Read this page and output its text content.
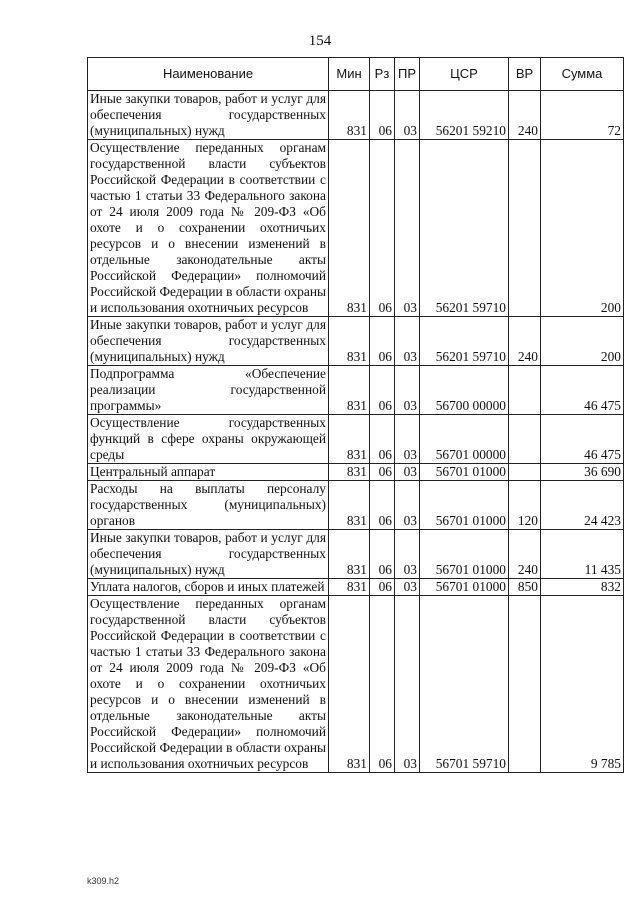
154
Наименование	Мин	Рз	ПР	ЦСР	ВР	Сумма
Иные закупки товаров, работ и услуг для обеспечения государственных (муниципальных) нужд	831	06	03	56201 59210	240	72
Осуществление переданных органам государственной власти субъектов Российской Федерации в соответствии с частью 1 статьи 33 Федерального закона от 24 июля 2009 года № 209-ФЗ «Об охоте и о сохранении охотничьих ресурсов и о внесении изменений в отдельные законодательные акты Российской Федерации» полномочий Российской Федерации в области охраны и использования охотничьих ресурсов	831	06	03	56201 59710		200
Иные закупки товаров, работ и услуг для обеспечения государственных (муниципальных) нужд	831	06	03	56201 59710	240	200
Подпрограмма «Обеспечение реализации государственной программы»	831	06	03	56700 00000		46 475
Осуществление государственных функций в сфере охраны окружающей среды	831	06	03	56701 00000		46 475
Центральный аппарат	831	06	03	56701 01000		36 690
Расходы на выплаты персоналу государственных (муниципальных) органов	831	06	03	56701 01000	120	24 423
Иные закупки товаров, работ и услуг для обеспечения государственных (муниципальных) нужд	831	06	03	56701 01000	240	11 435
Уплата налогов, сборов и иных платежей	831	06	03	56701 01000	850	832
Осуществление переданных органам государственной власти субъектов Российской Федерации в соответствии с частью 1 статьи 33 Федерального закона от 24 июля 2009 года № 209-ФЗ «Об охоте и о сохранении охотничьих ресурсов и о внесении изменений в отдельные законодательные акты Российской Федерации» полномочий Российской Федерации в области охраны и использования охотничьих ресурсов	831	06	03	56701 59710		9 785
k309.h2
